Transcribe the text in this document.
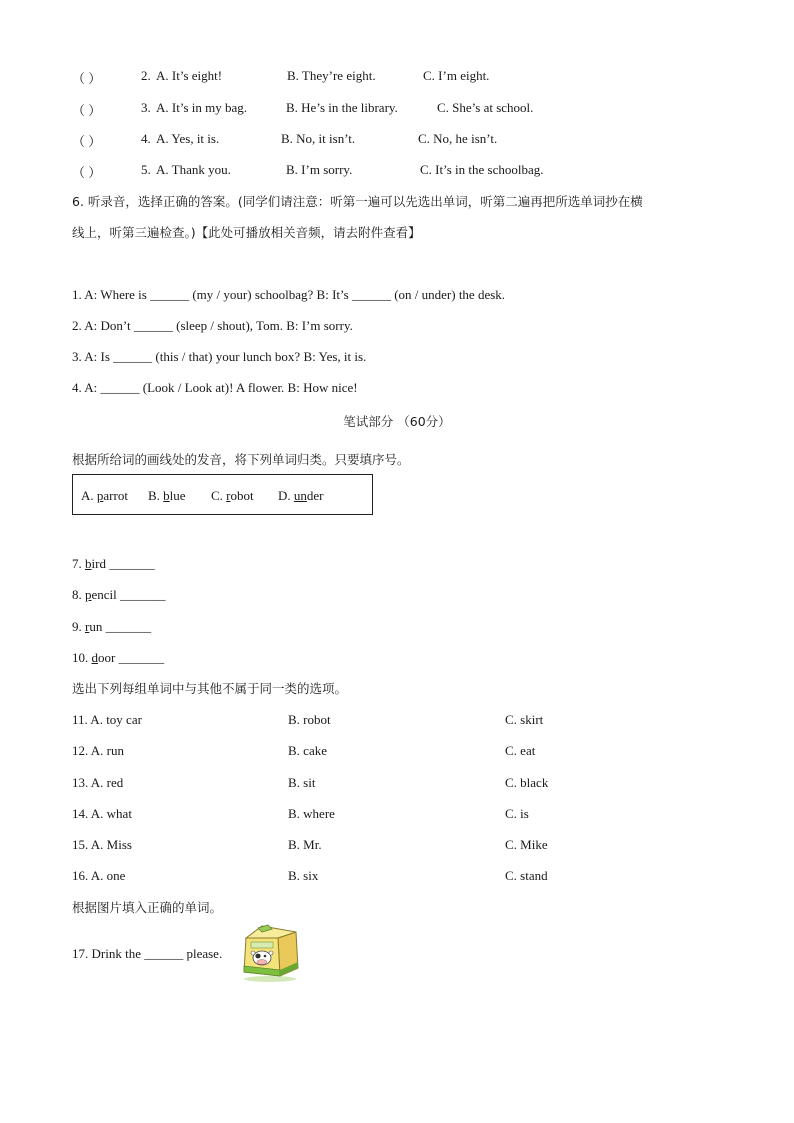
（ ）	2. A. It’s eight!	B. They’re eight.	C. I’m eight.
（ ）	3. A. It’s in my bag.	B. He’s in the library.	C. She’s at school.
（ ）	4. A. Yes, it is.	B. No, it isn’t.	C. No, he isn’t.
（ ）	5. A. Thank you.	B. I’m sorry.	C. It’s in the schoolbag.
6. 听录音，选择正确的答案。(同学们请注意：听第一遍可以先选出单词，听第二遍再把所选单词抄在横
线上，听第三遍检查。)【此处可播放相关音频，请去附件查看】
1. A: Where is ______ (my / your) schoolbag? B: It’s ______ (on / under) the desk.
2. A: Don’t ______ (sleep / shout), Tom. B: I’m sorry.
3. A: Is ______ (this / that) your lunch box? B: Yes, it is.
4. A: ______ (Look / Look at)! A flower. B: How nice!
笔试部分 （60分）
根据所给词的画线处的发音，将下列单词归类。只要填序号。
A. parrot B. blue C. robot D. under
7. bird _______
8. pencil _______
9. run _______
10. door _______
选出下列每组单词中与其他不属于同一类的选项。
11. A. toy car	B. robot	C. skirt
12. A. run	B. cake	C. eat
13. A. red	B. sit	C. black
14. A. what	B. where	C. is
15. A. Miss	B. Mr.	C. Mike
16. A. one	B. six	C. stand
根据图片填入正确的单词。
17. Drink the ______ please.
